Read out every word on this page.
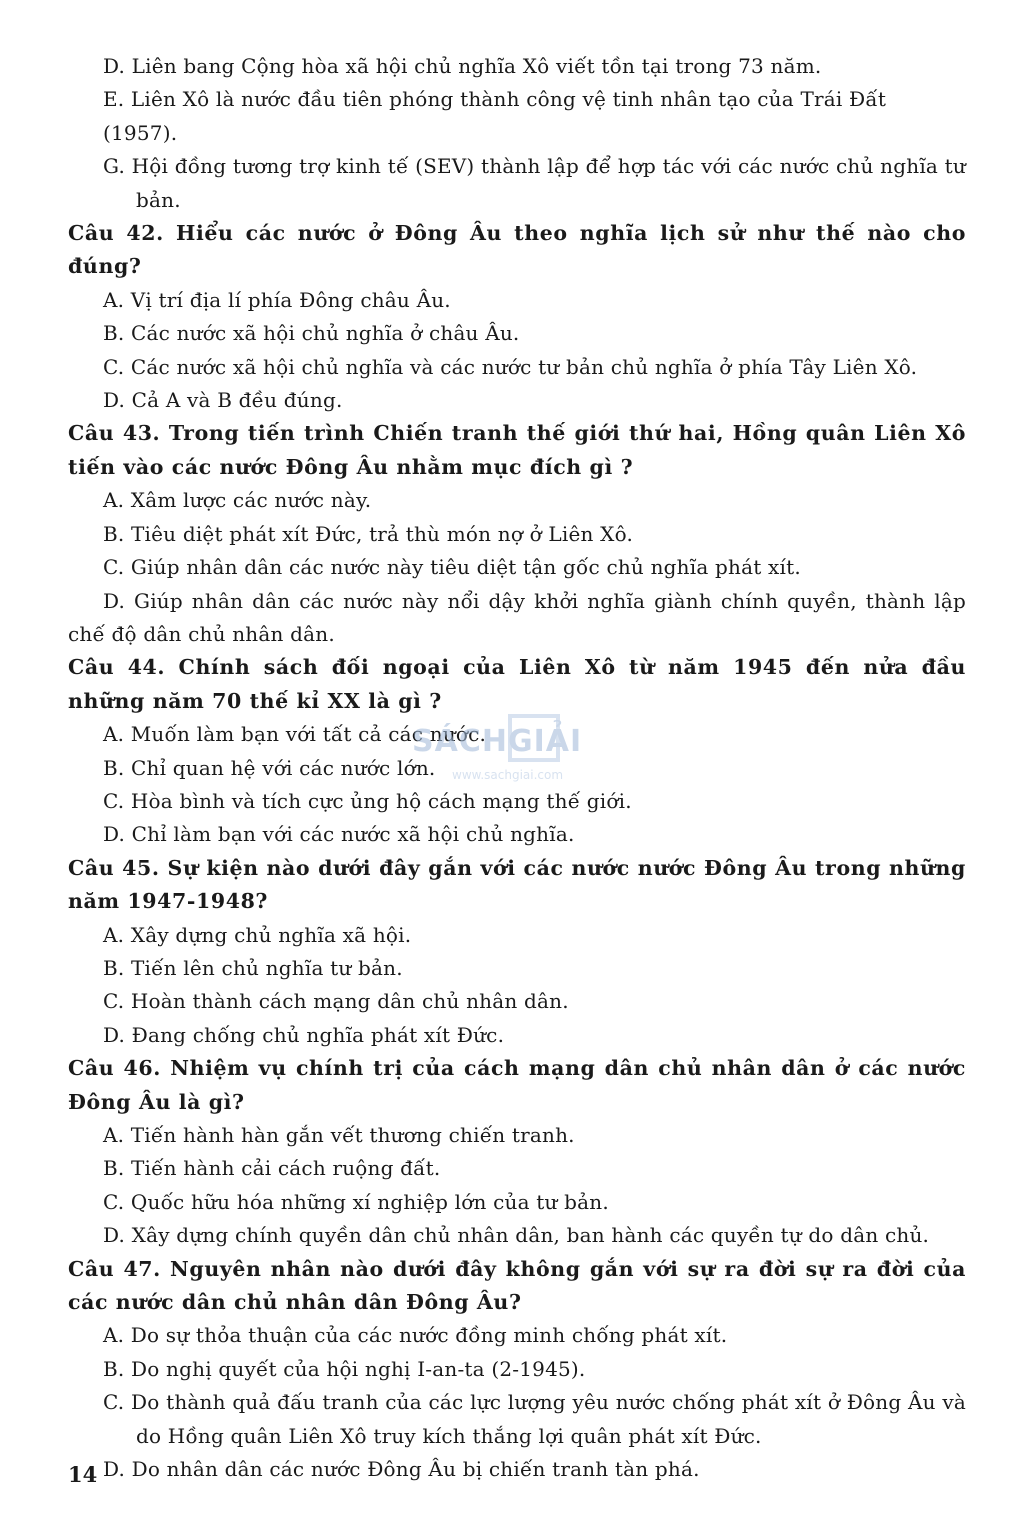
D. Liên bang Cộng hòa xã hội chủ nghĩa Xô viết tồn tại trong 73 năm.
E. Liên Xô là nước đầu tiên phóng thành công vệ tinh nhân tạo của Trái Đất (1957).
G. Hội đồng tương trợ kinh tế (SEV) thành lập để hợp tác với các nước chủ nghĩa tư bản.
Câu 42. Hiểu các nước ở Đông Âu theo nghĩa lịch sử như thế nào cho đúng?
A. Vị trí địa lí phía Đông châu Âu.
B. Các nước xã hội chủ nghĩa ở châu Âu.
C. Các nước xã hội chủ nghĩa và các nước tư bản chủ nghĩa ở phía Tây Liên Xô.
D. Cả A và B đều đúng.
Câu 43. Trong tiến trình Chiến tranh thế giới thứ hai, Hồng quân Liên Xô tiến vào các nước Đông Âu nhằm mục đích gì ?
A. Xâm lược các nước này.
B. Tiêu diệt phát xít Đức, trả thù món nợ ở Liên Xô.
C. Giúp nhân dân các nước này tiêu diệt tận gốc chủ nghĩa phát xít.
D. Giúp nhân dân các nước này nổi dậy khởi nghĩa giành chính quyền, thành lập chế độ dân chủ nhân dân.
Câu 44. Chính sách đối ngoại của Liên Xô từ năm 1945 đến nửa đầu những năm 70 thế kỉ XX là gì ?
A. Muốn làm bạn với tất cả các nước.
B. Chỉ quan hệ với các nước lớn.
C. Hòa bình và tích cực ủng hộ cách mạng thế giới.
D. Chỉ làm bạn với các nước xã hội chủ nghĩa.
Câu 45. Sự kiện nào dưới đây gắn với các nước nước Đông Âu trong những năm 1947-1948?
A. Xây dựng chủ nghĩa xã hội.
B. Tiến lên chủ nghĩa tư bản.
C. Hoàn thành cách mạng dân chủ nhân dân.
D. Đang chống chủ nghĩa phát xít Đức.
Câu 46. Nhiệm vụ chính trị của cách mạng dân chủ nhân dân ở các nước Đông Âu là gì?
A. Tiến hành hàn gắn vết thương chiến tranh.
B. Tiến hành cải cách ruộng đất.
C. Quốc hữu hóa những xí nghiệp lớn của tư bản.
D. Xây dựng chính quyền dân chủ nhân dân, ban hành các quyền tự do dân chủ.
Câu 47. Nguyên nhân nào dưới đây không gắn với sự ra đời sự ra đời của các nước dân chủ nhân dân Đông Âu?
A. Do sự thỏa thuận của các nước đồng minh chống phát xít.
B. Do nghị quyết của hội nghị I-an-ta (2-1945).
C. Do thành quả đấu tranh của các lực lượng yêu nước chống phát xít ở Đông Âu và do Hồng quân Liên Xô truy kích thắng lợi quân phát xít Đức.
D. Do nhân dân các nước Đông Âu bị chiến tranh tàn phá.
SÁCHGIẢI
www.sachgiai.com
14
